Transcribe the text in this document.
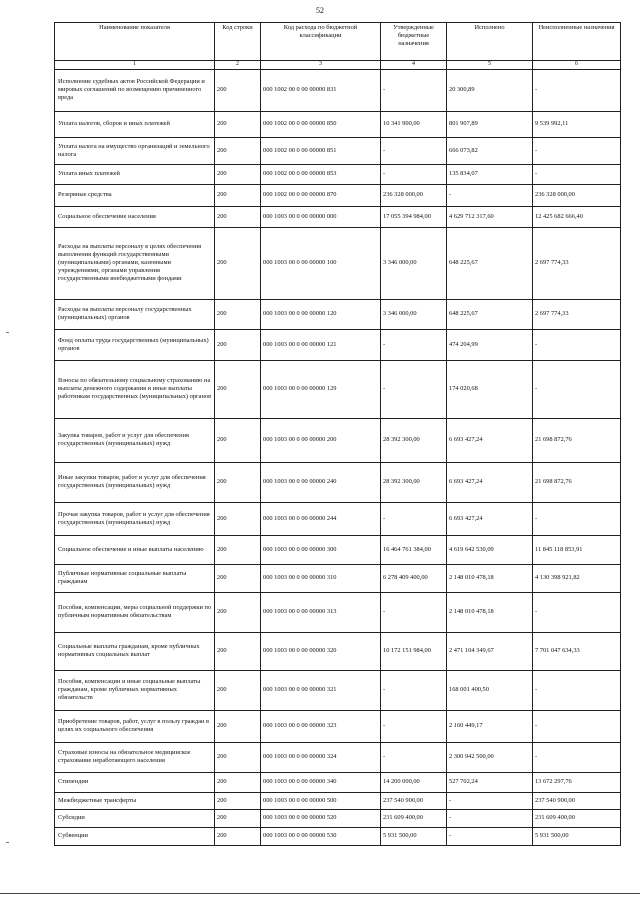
52
Наименование показателя	Код строки	Код расхода по бюджетной классификации	Утвержденные бюджетные назначения	Исполнено	Неисполненные назначения
1	2	3	4	5	6
Исполнение судебных актов Российской Федерации и мировых соглашений по возмещению причиненного вреда	200	000 1002 00 0 00 00000 831	-	20 300,89	-
Уплата налогов, сборов и иных платежей	200	000 1002 00 0 00 00000 850	10 341 900,00	801 907,89	9 539 992,11
Уплата налога на имущество организаций и земельного налога	200	000 1002 00 0 00 00000 851	-	666 073,82	-
Уплата иных платежей	200	000 1002 00 0 00 00000 853	-	135 834,07	-
Резервные средства	200	000 1002 00 0 00 00000 870	236 328 000,00	-	236 328 000,00
Социальное обеспечение населения	200	000 1003 00 0 00 00000 000	17 055 394 984,00	4 629 712 317,60	12 425 682 666,40
Расходы на выплаты персоналу в целях обеспечения выполнения функций государственными (муниципальными) органами, казенными учреждениями, органами управления государственными внебюджетными фондами	200	000 1003 00 0 00 00000 100	3 346 000,00	648 225,67	2 697 774,33
Расходы на выплаты персоналу государственных (муниципальных) органов	200	000 1003 00 0 00 00000 120	3 346 000,00	648 225,67	2 697 774,33
Фонд оплаты труда государственных (муниципальных) органов	200	000 1003 00 0 00 00000 121	-	474 204,99	-
Взносы по обязательному социальному страхованию на выплаты денежного содержания и иные выплаты работникам государственных (муниципальных) органов	200	000 1003 00 0 00 00000 129	-	174 020,68	-
Закупка товаров, работ и услуг для обеспечения государственных (муниципальных) нужд	200	000 1003 00 0 00 00000 200	28 392 300,00	6 693 427,24	21 698 872,76
Иные закупки товаров, работ и услуг для обеспечения государственных (муниципальных) нужд	200	000 1003 00 0 00 00000 240	28 392 300,00	6 693 427,24	21 698 872,76
Прочая закупка товаров, работ и услуг для обеспечения государственных (муниципальных) нужд	200	000 1003 00 0 00 00000 244	-	6 693 427,24	-
Социальное обеспечение и иные выплаты населению	200	000 1003 00 0 00 00000 300	16 464 761 384,00	4 619 642 530,09	11 845 118 853,91
Публичные нормативные социальные выплаты гражданам	200	000 1003 00 0 00 00000 310	6 278 409 400,00	2 148 010 478,18	4 130 398 921,82
Пособия, компенсации, меры социальной поддержки по публичным нормативным обязательствам	200	000 1003 00 0 00 00000 313	-	2 148 010 478,18	-
Социальные выплаты гражданам, кроме публичных нормативных социальных выплат	200	000 1003 00 0 00 00000 320	10 172 151 984,00	2 471 104 349,67	7 701 047 634,33
Пособия, компенсации и иные социальные выплаты гражданам, кроме публичных нормативных обязательств	200	000 1003 00 0 00 00000 321	-	168 001 400,50	-
Приобретение товаров, работ, услуг в пользу граждан в целях их социального обеспечения	200	000 1003 00 0 00 00000 323	-	2 160 449,17	-
Страховые взносы на обязательное медицинское страхование неработающего населения	200	000 1003 00 0 00 00000 324	-	2 300 942 500,00	-
Стипендии	200	000 1003 00 0 00 00000 340	14 200 000,00	527 702,24	13 672 297,76
Межбюджетные трансферты	200	000 1003 00 0 00 00000 500	237 540 900,00	-	237 540 900,00
Субсидии	200	000 1003 00 0 00 00000 520	231 609 400,00	-	231 609 400,00
Субвенции	200	000 1003 00 0 00 00000 530	5 931 500,00	-	5 931 500,00
